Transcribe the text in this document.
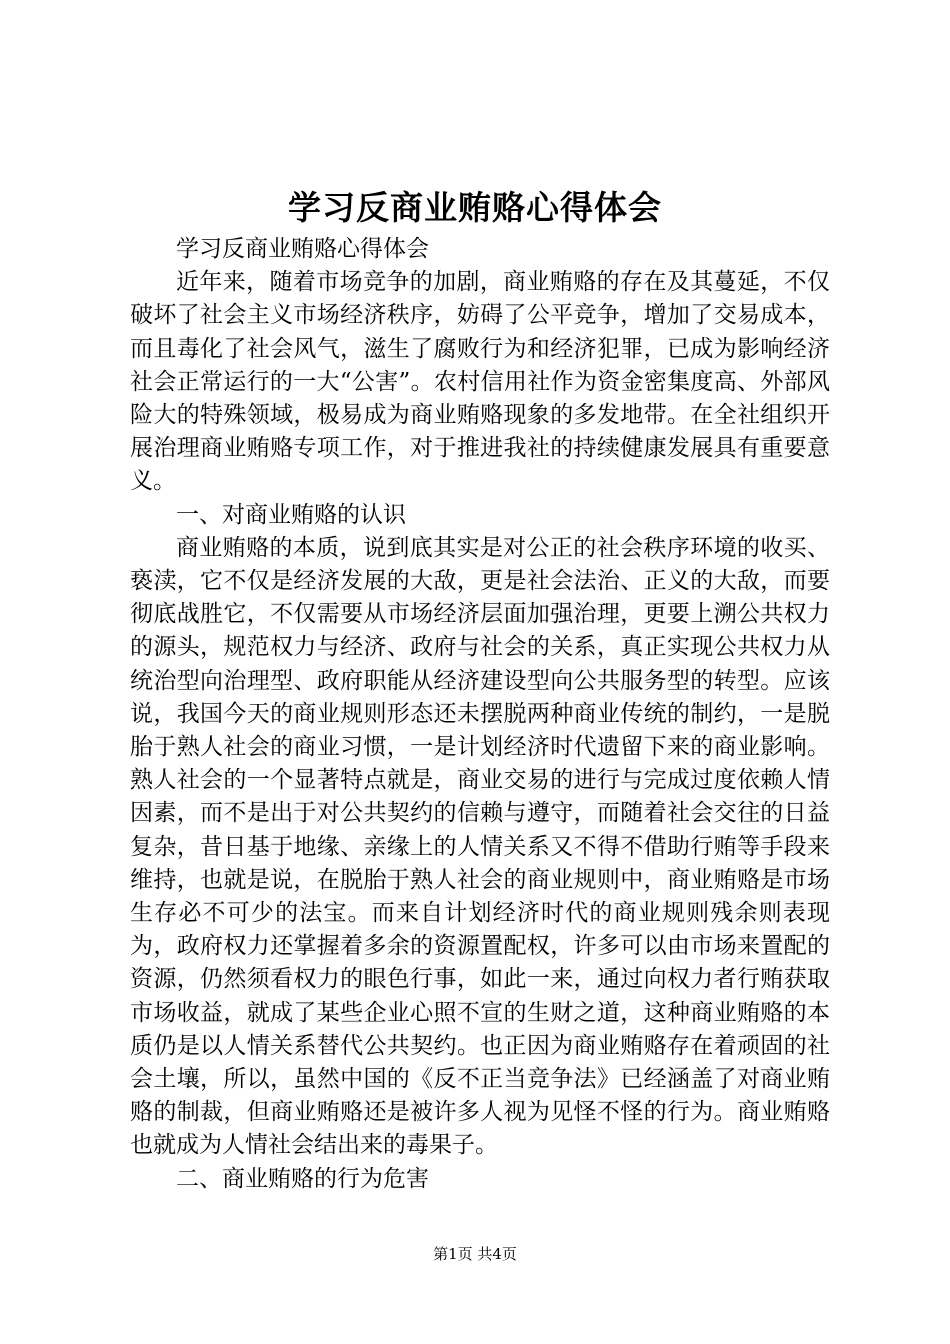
学习反商业贿赂心得体会

学习反商业贿赂心得体会

近年来，随着市场竞争的加剧，商业贿赂的存在及其蔓延，不仅破坏了社会主义市场经济秩序，妨碍了公平竞争，增加了交易成本，而且毒化了社会风气，滋生了腐败行为和经济犯罪，已成为影响经济社会正常运行的一大“公害”。农村信用社作为资金密集度高、外部风险大的特殊领域，极易成为商业贿赂现象的多发地带。在全社组织开展治理商业贿赂专项工作，对于推进我社的持续健康发展具有重要意义。

一、对商业贿赂的认识

商业贿赂的本质，说到底其实是对公正的社会秩序环境的收买、亵渎，它不仅是经济发展的大敌，更是社会法治、正义的大敌，而要彻底战胜它，不仅需要从市场经济层面加强治理，更要上溯公共权力的源头，规范权力与经济、政府与社会的关系，真正实现公共权力从统治型向治理型、政府职能从经济建设型向公共服务型的转型。应该说，我国今天的商业规则形态还未摆脱两种商业传统的制约，一是脱胎于熟人社会的商业习惯，一是计划经济时代遗留下来的商业影响。熟人社会的一个显著特点就是，商业交易的进行与完成过度依赖人情因素，而不是出于对公共契约的信赖与遵守，而随着社会交往的日益复杂，昔日基于地缘、亲缘上的人情关系又不得不借助行贿等手段来维持，也就是说，在脱胎于熟人社会的商业规则中，商业贿赂是市场生存必不可少的法宝。而来自计划经济时代的商业规则残余则表现为，政府权力还掌握着多余的资源置配权，许多可以由市场来置配的资源，仍然须看权力的眼色行事，如此一来，通过向权力者行贿获取市场收益，就成了某些企业心照不宣的生财之道，这种商业贿赂的本质仍是以人情关系替代公共契约。也正因为商业贿赂存在着顽固的社会土壤，所以，虽然中国的《反不正当竞争法》已经涵盖了对商业贿赂的制裁，但商业贿赂还是被许多人视为见怪不怪的行为。商业贿赂也就成为人情社会结出来的毒果子。

二、商业贿赂的行为危害

第1页 共4页
